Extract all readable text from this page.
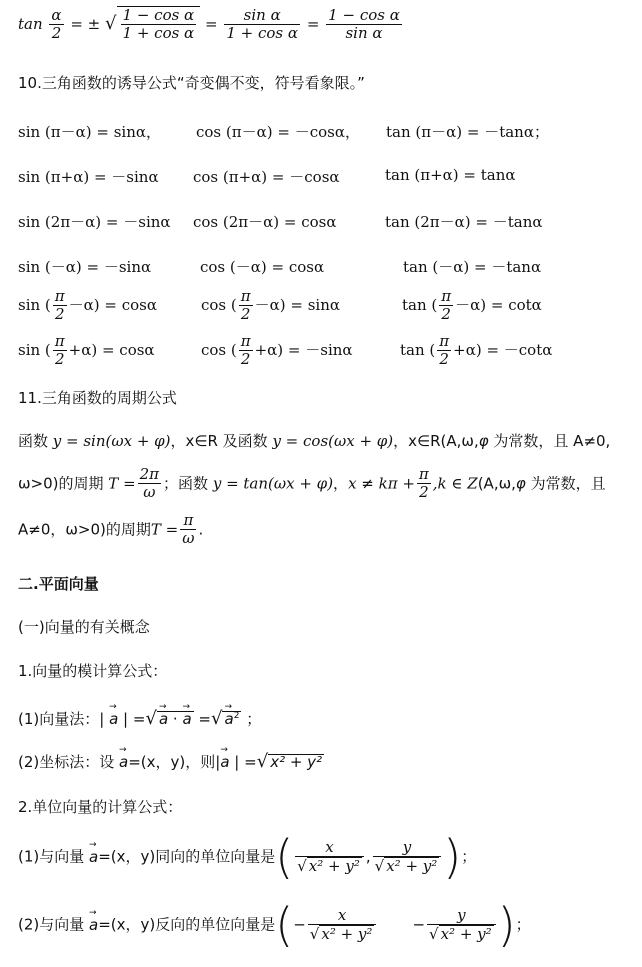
$\tan \frac{\alpha}{2}$ = ± √ $\frac{\text{1 − cos α}}{\text{1 + cos α}} = \frac{\text{sin α}}{\text{1 + cos α}} = \frac{\text{1 − cos α}}{\text{sin α}}$
10.三角函数的诱导公式“奇变偶不变，符号看象限。”
sin (π－α) = sinα， cos (π－α) = －cosα， tan (π－α) = －tanα；
sin (π+α) = －sinα cos (π+α) = －cosα	tan (π+α) = tanα
sin (2π－α) = －sinα cos (2π－α) = cosα	tan (2π－α) = －tanα
sin (－α) = －sinα	cos (－α) = cosα	tan (－α) = －tanα
sin ( $\frac{\pi}{2} -\alpha) = \cos\alpha$	cos ( $\frac{\pi}{2} -\alpha) = \sin\alpha$	tan ( $\frac{\pi}{2} -\alpha) = \cot\alpha$
sin ( $\frac{\pi}{2} +\alpha) = \cos\alpha$	cos ( $\frac{\pi}{2} +\alpha) = -\sin\alpha$	tan ( $\frac{\pi}{2} +\alpha) = -\cot\alpha$
11.三角函数的周期公式
函数 y = sin(ωx + φ)，x∈R 及函数 y = cos(ωx + φ)，x∈R(A,ω,φ 为常数，且 A≠0,
ω>0)的周期 $T = \frac{2\pi}{\omega}$ ；函数 y = tan(ωx + φ)，$x \ne k\pi + \frac{\pi}{2} ,k$ ∈ Z(A,ω,φ 为常数，且
A≠0，ω>0)的周期$T = \frac{\pi}{\omega}$ .
二.平面向量
(一)向量的有关概念
1.向量的模计算公式：
(1)向量法：| → a | =√ → a · → a =√ → $a^2$ ；
(2)坐标法：设 → a=(x，y)，则|→ a | =√ x² + y²
2.单位向量的计算公式：
(1)与向量 → a=(x，y)同向的单位向量是( $\frac{x}{\text{√ x² + y²}}$ , $\frac{y}{\text{√ x² + y²}}$ )；
(2)与向量 → a=(x，y)反向的单位向量是(− $\frac{x}{\text{√ x² + y²}} - \frac{y}{\text{√ x² + y²}}$ )；
